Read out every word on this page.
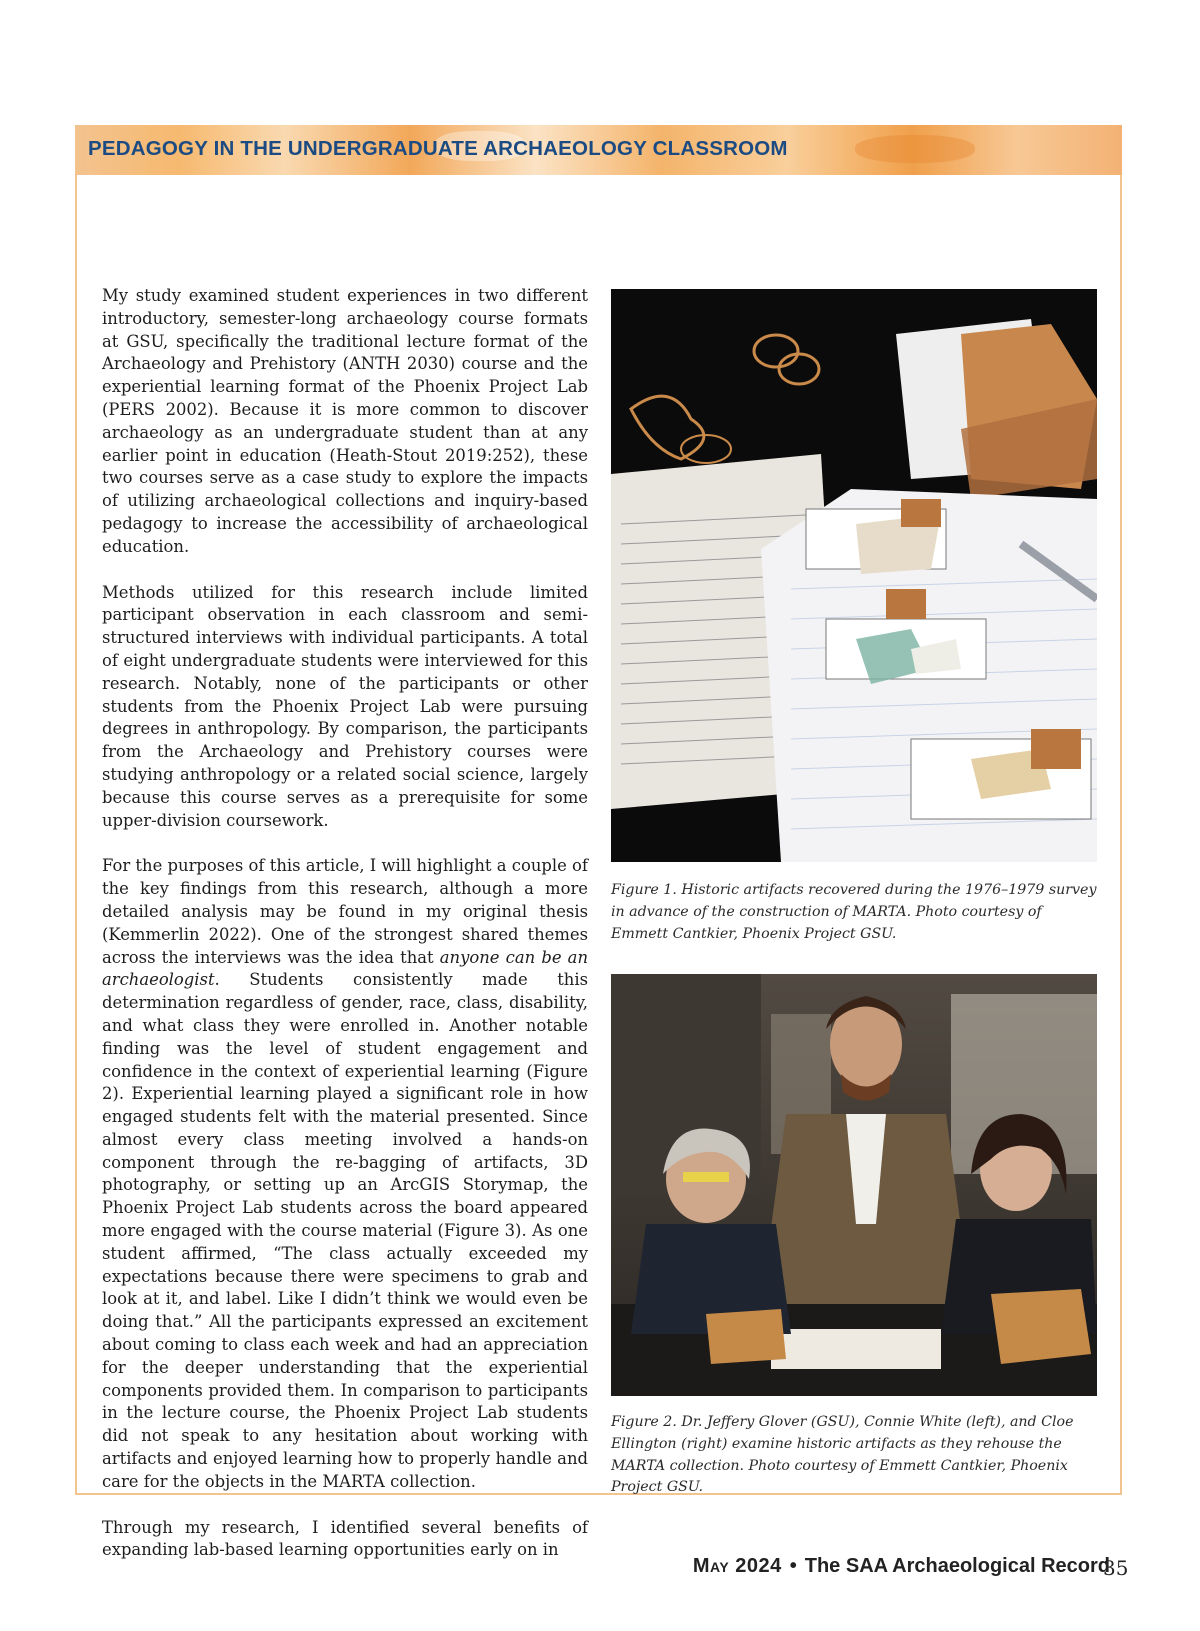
PEDAGOGY IN THE UNDERGRADUATE ARCHAEOLOGY CLASSROOM

My study examined student experiences in two different introductory, semester-long archaeology course formats at GSU, specifically the traditional lecture format of the Archaeology and Prehistory (ANTH 2030) course and the experiential learning format of the Phoenix Project Lab (PERS 2002). Because it is more common to discover archaeology as an undergraduate student than at any earlier point in education (Heath-Stout 2019:252), these two courses serve as a case study to explore the impacts of utilizing archaeological collections and inquiry-based pedagogy to increase the accessibility of archaeological education.

Methods utilized for this research include limited participant observation in each classroom and semi-structured interviews with individual participants. A total of eight undergraduate students were interviewed for this research. Notably, none of the participants or other students from the Phoenix Project Lab were pursuing degrees in anthropology. By comparison, the participants from the Archaeology and Prehistory courses were studying anthropology or a related social science, largely because this course serves as a prerequisite for some upper-division coursework.

For the purposes of this article, I will highlight a couple of the key findings from this research, although a more detailed analysis may be found in my original thesis (Kemmerlin 2022). One of the strongest shared themes across the interviews was the idea that anyone can be an archaeologist. Students consistently made this determination regardless of gender, race, class, disability, and what class they were enrolled in. Another notable finding was the level of student engagement and confidence in the context of experiential learning (Figure 2). Experiential learning played a significant role in how engaged students felt with the material presented. Since almost every class meeting involved a hands-on component through the re-bagging of artifacts, 3D photography, or setting up an ArcGIS Storymap, the Phoenix Project Lab students across the board appeared more engaged with the course material (Figure 3). As one student affirmed, “The class actually exceeded my expectations because there were specimens to grab and look at it, and label. Like I didn’t think we would even be doing that.” All the participants expressed an excitement about coming to class each week and had an appreciation for the deeper understanding that the experiential components provided them. In comparison to participants in the lecture course, the Phoenix Project Lab students did not speak to any hesitation about working with artifacts and enjoyed learning how to properly handle and care for the objects in the MARTA collection.

Through my research, I identified several benefits of expanding lab-based learning opportunities early on in

Figure 1. Historic artifacts recovered during the 1976–1979 survey in advance of the construction of MARTA. Photo courtesy of Emmett Cantkier, Phoenix Project GSU.
Figure 2. Dr. Jeffery Glover (GSU), Connie White (left), and Cloe Ellington (right) examine historic artifacts as they rehouse the MARTA collection. Photo courtesy of Emmett Cantkier, Phoenix Project GSU.
May 2024 • The SAA Archaeological Record
35
